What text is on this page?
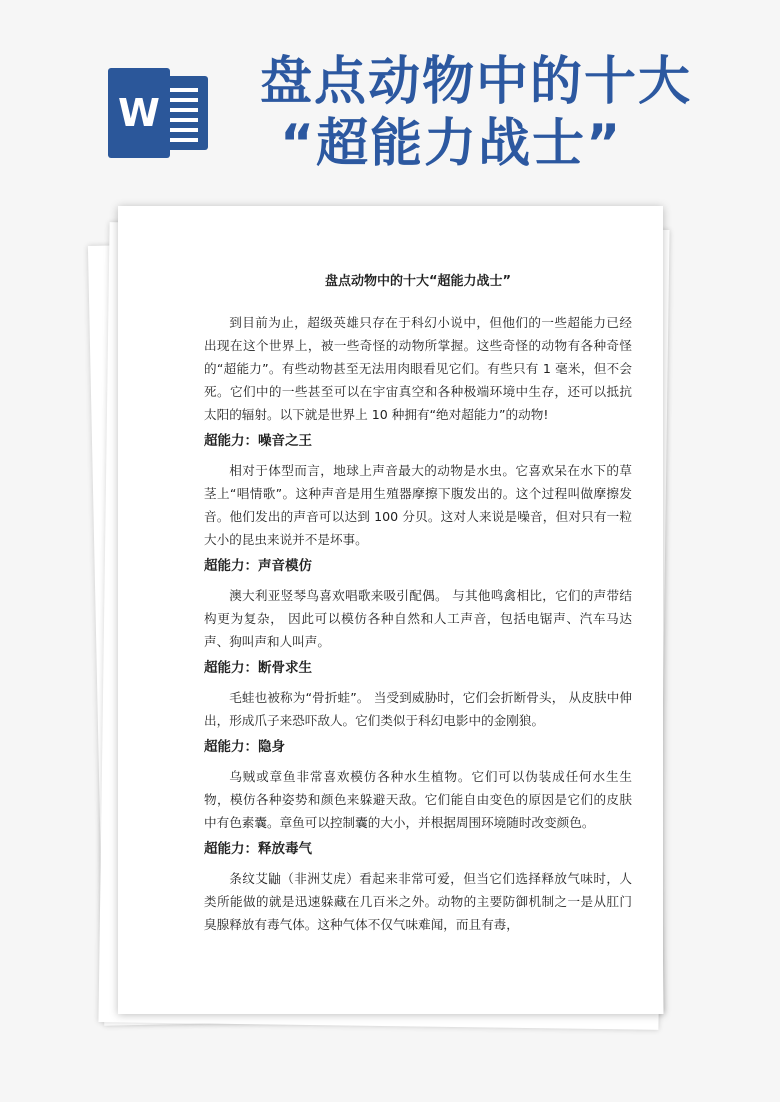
W
盘点动物中的十大
“超能力战士”
盘点动物中的十大“超能力战士”

到目前为止，超级英雄只存在于科幻小说中，但他们的一些超能力已经出现在这个世界上，被一些奇怪的动物所掌握。这些奇怪的动物有各种奇怪的“超能力”。有些动物甚至无法用肉眼看见它们。有些只有 1 毫米，但不会死。它们中的一些甚至可以在宇宙真空和各种极端环境中生存，还可以抵抗太阳的辐射。以下就是世界上 10 种拥有“绝对超能力”的动物!

超能力：噪音之王

相对于体型而言，地球上声音最大的动物是水虫。它喜欢呆在水下的草茎上“唱情歌”。这种声音是用生殖器摩擦下腹发出的。这个过程叫做摩擦发音。他们发出的声音可以达到 100 分贝。这对人来说是噪音，但对只有一粒大小的昆虫来说并不是坏事。

超能力：声音模仿

澳大利亚竖琴鸟喜欢唱歌来吸引配偶。 与其他鸣禽相比，它们的声带结构更为复杂， 因此可以模仿各种自然和人工声音，包括电锯声、汽车马达声、狗叫声和人叫声。

超能力：断骨求生

毛蛙也被称为“骨折蛙”。 当受到威胁时，它们会折断骨头， 从皮肤中伸出，形成爪子来恐吓敌人。它们类似于科幻电影中的金刚狼。

超能力：隐身

乌贼或章鱼非常喜欢模仿各种水生植物。它们可以伪装成任何水生生物，模仿各种姿势和颜色来躲避天敌。它们能自由变色的原因是它们的皮肤中有色素囊。章鱼可以控制囊的大小，并根据周围环境随时改变颜色。

超能力：释放毒气

条纹艾鼬（非洲艾虎）看起来非常可爱，但当它们选择释放气味时，人类所能做的就是迅速躲藏在几百米之外。动物的主要防御机制之一是从肛门臭腺释放有毒气体。这种气体不仅气味难闻，而且有毒，
